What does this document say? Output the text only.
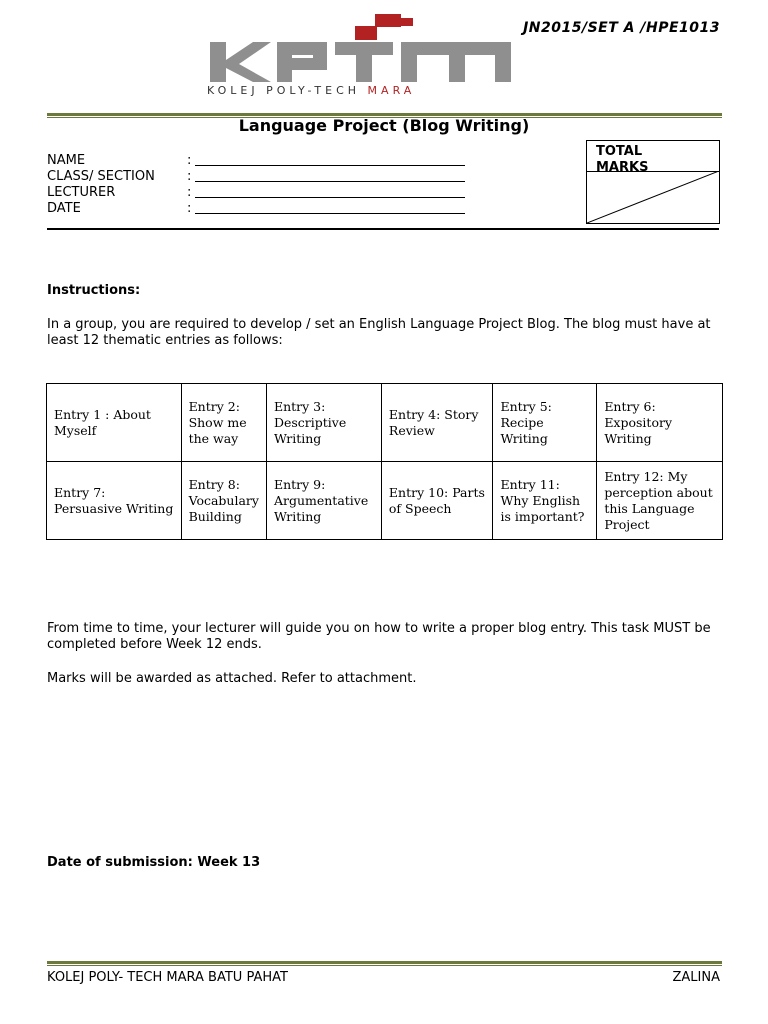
JN2015/SET A /HPE1013
KOLEJ POLY-TECH MARA
Language Project (Blog Writing)
NAME	:
CLASS/ SECTION	:
LECTURER	:
DATE	:
TOTAL
MARKS
Instructions:
In a group, you are required to develop / set an English Language Project Blog. The blog must have at least 12 thematic entries as follows:
Entry 1 : About Myself	Entry 2: Show me the way	Entry 3: Descriptive Writing	Entry 4: Story Review	Entry 5: Recipe Writing	Entry 6: Expository Writing
Entry 7: Persuasive Writing	Entry 8: Vocabulary Building	Entry 9: Argumentative Writing	Entry 10: Parts of Speech	Entry 11: Why English is important?	Entry 12: My perception about this Language Project
From time to time, your lecturer will guide you on how to write a proper blog entry. This task MUST be completed before Week 12 ends.
Marks will be awarded as attached. Refer to attachment.
Date of submission: Week 13
KOLEJ POLY- TECH MARA BATU PAHAT	ZALINA
